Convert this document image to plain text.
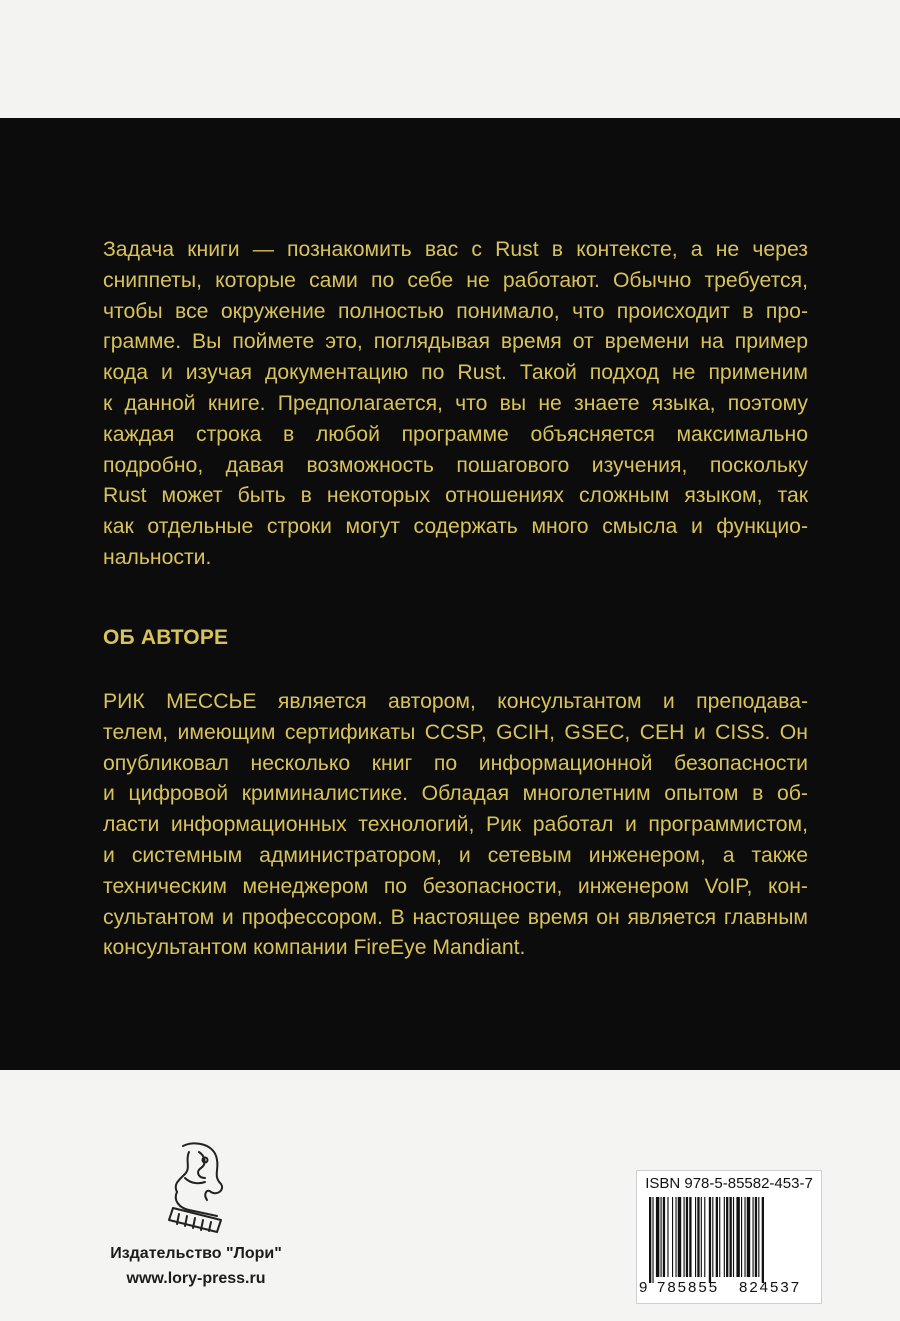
Задача книги — познакомить вас с Rust в контексте, а не через
сниппеты, которые сами по себе не работают. Обычно требуется,
чтобы все окружение полностью понимало, что происходит в про-
грамме. Вы поймете это, поглядывая время от времени на пример
кода и изучая документацию по Rust. Такой подход не применим
к данной книге. Предполагается, что вы не знаете языка, поэтому
каждая строка в любой программе объясняется максимально
подробно, давая возможность пошагового изучения, поскольку
Rust может быть в некоторых отношениях сложным языком, так
как отдельные строки могут содержать много смысла и функцио-
нальности.

ОБ АВТОРЕ

РИК МЕССЬЕ является автором, консультантом и преподава-
телем, имеющим сертификаты CCSP, GCIH, GSEC, CEH и CISS. Он
опубликовал несколько книг по информационной безопасности
и цифровой криминалистике. Обладая многолетним опытом в об-
ласти информационных технологий, Рик работал и программистом,
и системным администратором, и сетевым инженером, а также
техническим менеджером по безопасности, инженером VoIP, кон-
сультантом и профессором. В настоящее время он является главным
консультантом компании FireEye Mandiant.
Издательство "Лори"
www.lory-press.ru
ISBN 978-5-85582-453-7
9 785855 824537
